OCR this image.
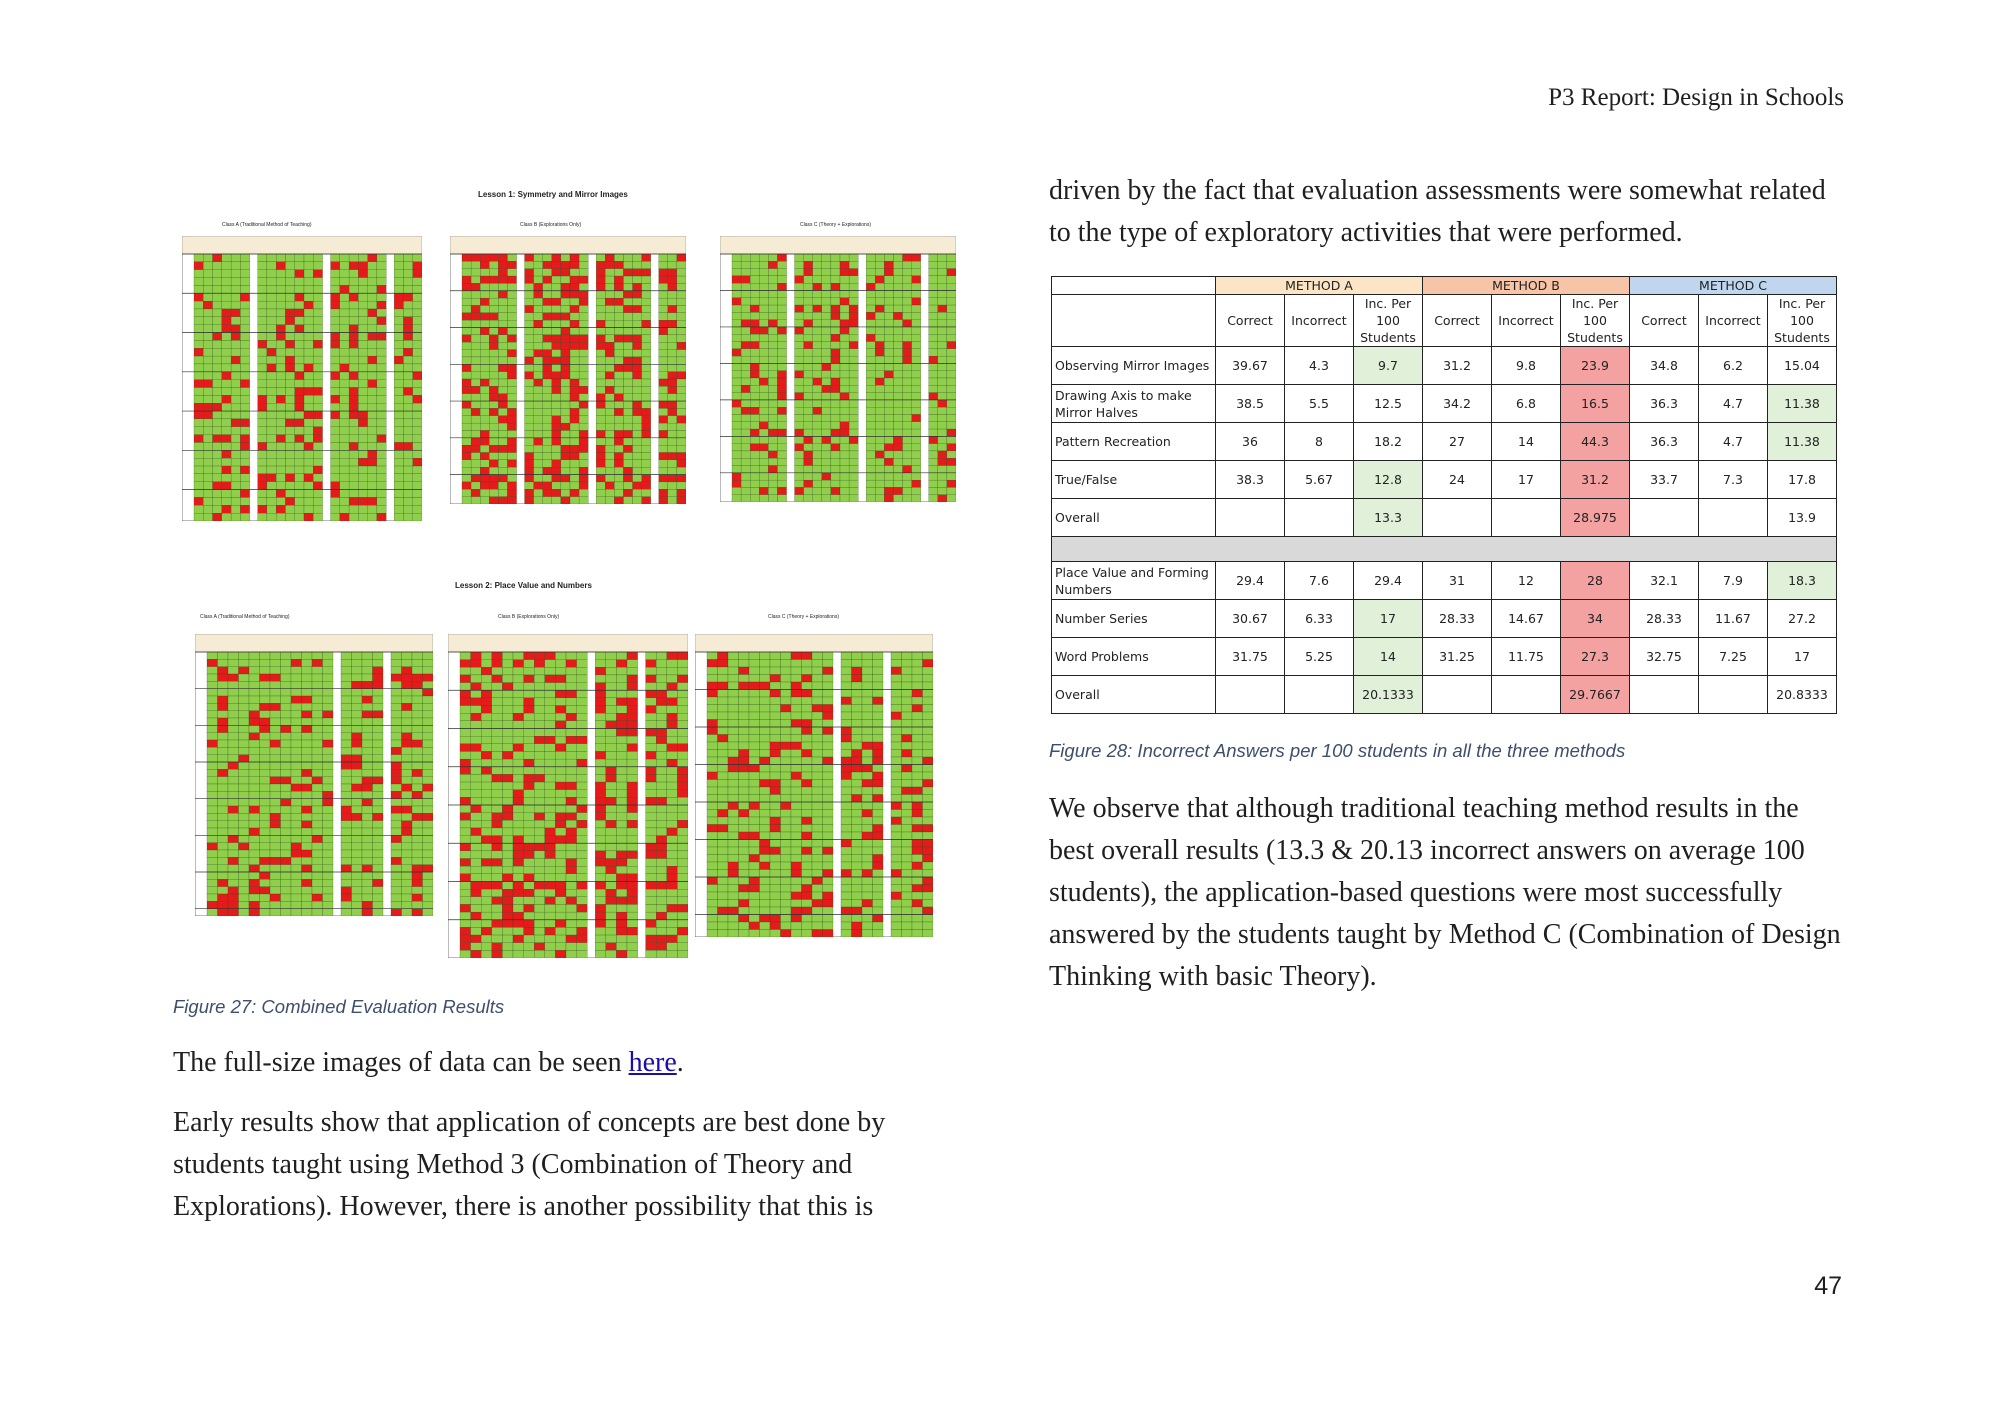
P3 Report: Design in Schools
Lesson 1: Symmetry and Mirror Images
Class A (Traditional Method of Teaching)	Class B (Explorations Only)	Class C (Theory + Explorations)
Lesson 2: Place Value and Numbers
Class A (Traditional Method of Teaching)	Class B (Explorations Only)	Class C (Theory + Explorations)

Figure 27: Combined Evaluation Results

The full-size images of data can be seen here.

Early results show that application of concepts are best done by students taught using Method 3 (Combination of Theory and Explorations). However, there is another possibility that this is

driven by the fact that evaluation assessments were somewhat related to the type of exploratory activities that were performed.

	METHOD A			METHOD B			METHOD C		
	Correct	Incorrect	Inc. Per 100 Students	Correct	Incorrect	Inc. Per 100 Students	Correct	Incorrect	Inc. Per 100 Students
Observing Mirror Images	39.67	4.3	9.7	31.2	9.8	23.9	34.8	6.2	15.04
Drawing Axis to make Mirror Halves	38.5	5.5	12.5	34.2	6.8	16.5	36.3	4.7	11.38
Pattern Recreation	36	8	18.2	27	14	44.3	36.3	4.7	11.38
True/False	38.3	5.67	12.8	24	17	31.2	33.7	7.3	17.8
Overall			13.3			28.975			13.9

Place Value and Forming Numbers	29.4	7.6	29.4	31	12	28	32.1	7.9	18.3
Number Series	30.67	6.33	17	28.33	14.67	34	28.33	11.67	27.2
Word Problems	31.75	5.25	14	31.25	11.75	27.3	32.75	7.25	17
Overall			20.1333			29.7667			20.8333

Figure 28: Incorrect Answers per 100 students in all the three methods

We observe that although traditional teaching method results in the best overall results (13.3 & 20.13 incorrect answers on average 100 students), the application-based questions were most successfully answered by the students taught by Method C (Combination of Design Thinking with basic Theory).

47
